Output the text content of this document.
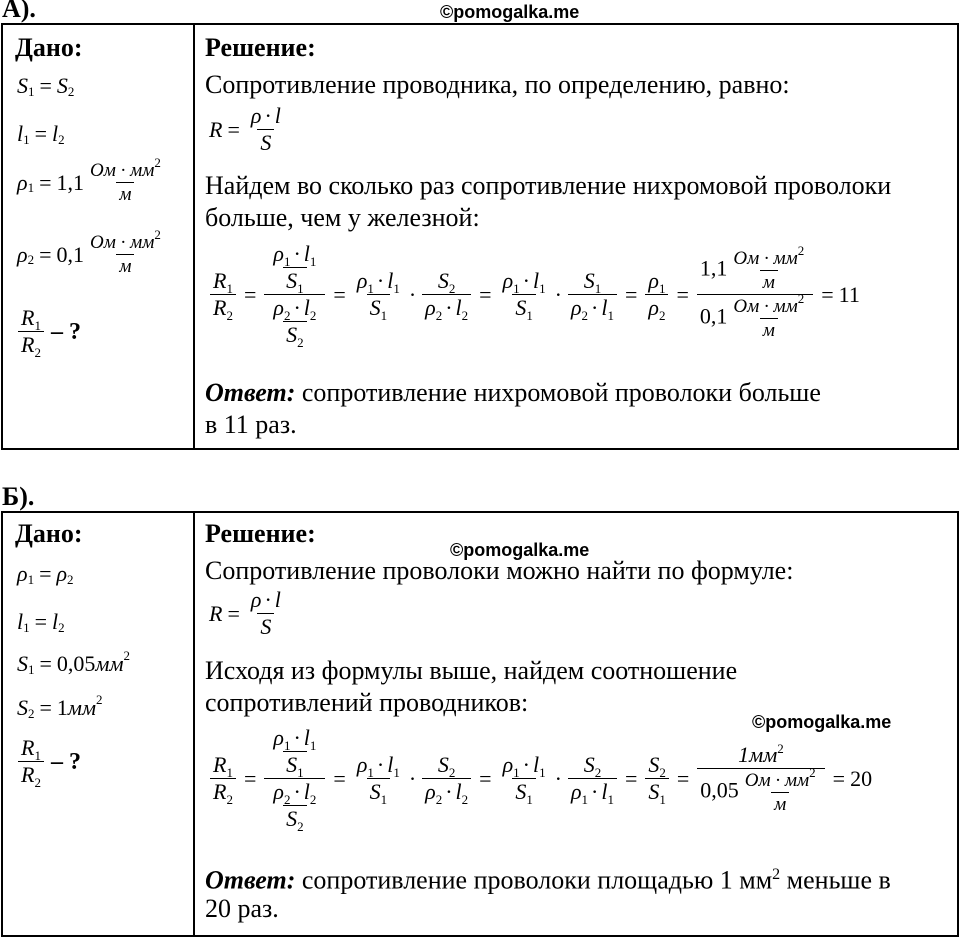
А).	©pomogalka.me
Дано:	Решение:
S 1 = S 2
l 1 = l 2
ρ $1 = 1,1 \frac{Ом \cdot мм^2}{м}$
ρ $2 = 0,1 \frac{Ом \cdot мм^2}{м}$
$\frac{R_1}{R_2}$ – ?
Сопротивление проводника, по определению, равно:
$R = \frac{\rho \cdot l}{S}$
Найдем во сколько раз сопротивление нихромовой проволоки
больше, чем у железной:
$\frac{R_1}{R_2} = \frac{\frac{\rho_1 \cdot l_1}{S_1}}{\frac{\rho_2 \cdot l_2}{S_2}} = \frac{\rho_1 \cdot l_1}{S_1} \cdot \frac{S_2}{\rho_2 \cdot l_2} = \frac{\rho_1 \cdot l_1}{S_1} \cdot \frac{S_1}{\rho_2 \cdot l_1} = \frac{\rho_1}{\rho_2} = \frac{1,1 \frac{Ом \cdot мм^2}{м}}{0,1 \frac{Ом \cdot мм^2}{м}} = 11$
Ответ: сопротивление нихромовой проволоки больше
в 11 раз.
Б).
Дано:	Решение:
©pomogalka.me
ρ 1 = ρ 2
l 1 = l 2
S 1 = 0,05 мм 2
S 2 = 1 мм 2
$\frac{R_1}{R_2}$ – ?
Сопротивление проволоки можно найти по формуле:
$R = \frac{\rho \cdot l}{S}$
Исходя из формулы выше, найдем соотношение
сопротивлений проводников:
©pomogalka.me
$\frac{R_1}{R_2} = \frac{\frac{\rho_1 \cdot l_1}{S_1}}{\frac{\rho_2 \cdot l_2}{S_2}} = \frac{\rho_1 \cdot l_1}{S_1} \cdot \frac{S_2}{\rho_2 \cdot l_2} = \frac{\rho_1 \cdot l_1}{S_1} \cdot \frac{S_2}{\rho_1 \cdot l_1} = \frac{S_2}{S_1} = \frac{1мм^2}{0,05 \frac{Ом \cdot мм^2}{м}} = 20$
Ответ: сопротивление проволоки площадью 1 $мм^2$ меньше в
20 раз.
